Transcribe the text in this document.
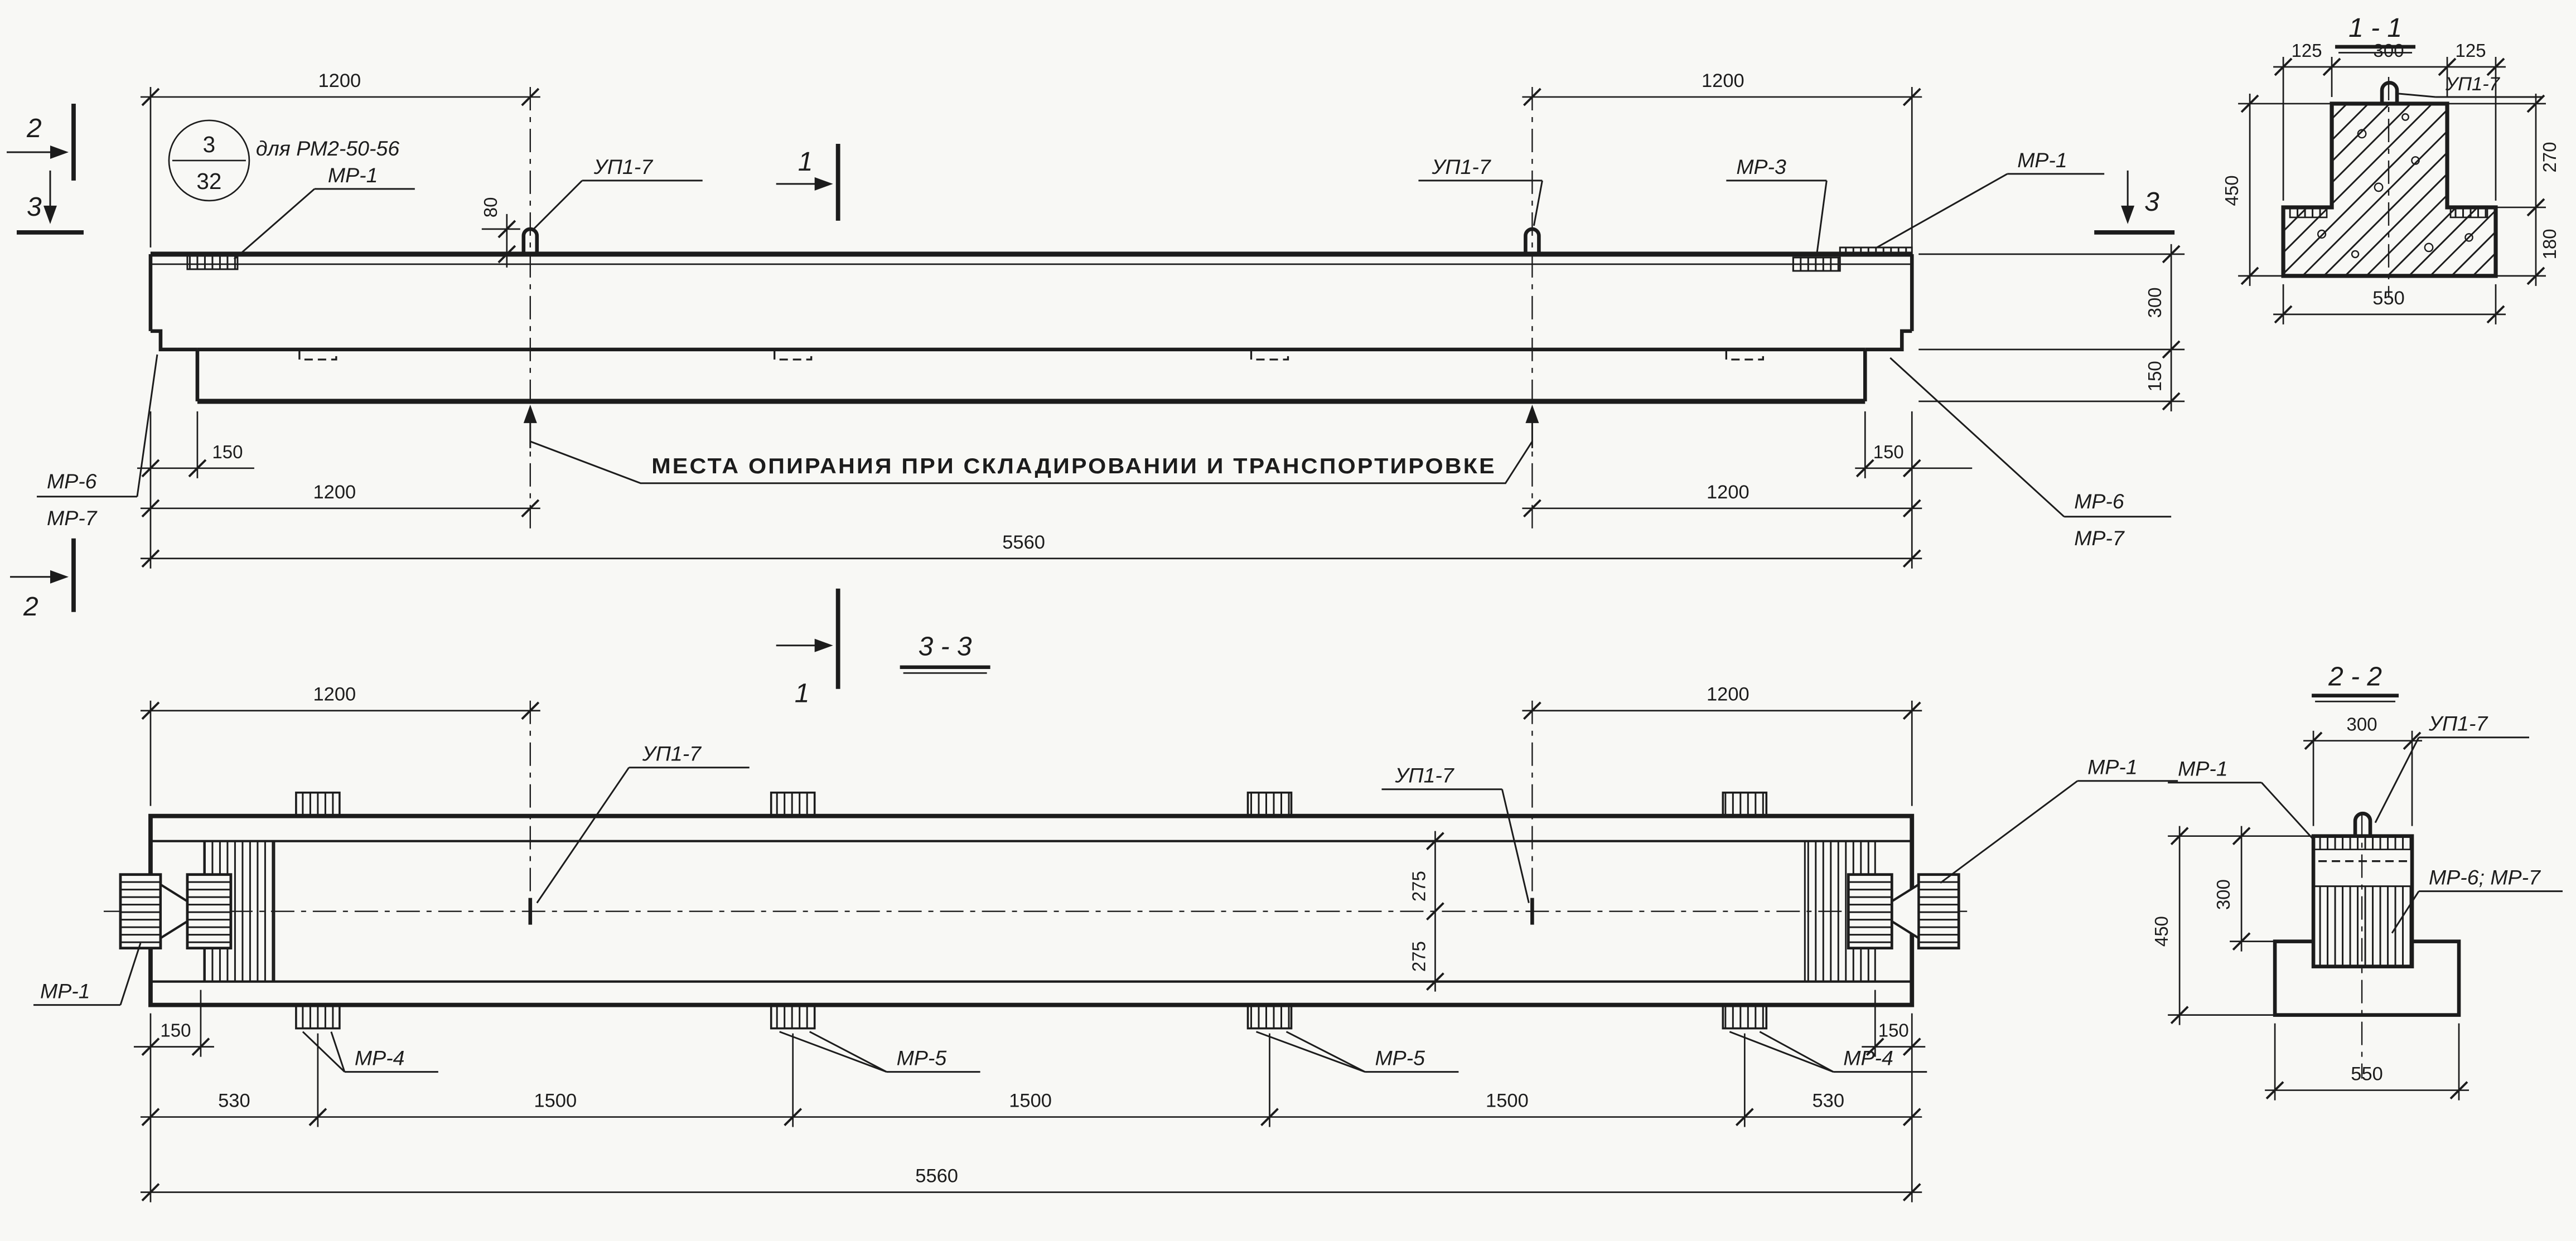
2
3
1
1
2
3
3
32
для РМ2-50-56
МР-1	УП1-7	УП1-7	МР-3	МР-1
МР-6
МР-7
МР-6
МР-7
1200	1200
80
300
150
150	150
1200	1200
5560
МЕСТА ОПИРАНИЯ ПРИ СКЛАДИРОВАНИИ И ТРАНСПОРТИРОВКЕ
1 - 1
125	300	125
450
270
180
550
УП1-7
3 - 3
МР-1
МР-1
УП1-7
УП1-7
МР-4	МР-5	МР-5	МР-4
1200	1200
275
275
150	150
530	1500	1500	1500	530
5560
2 - 2
300
450
300
550
МР-1
УП1-7
МР-6; МР-7
